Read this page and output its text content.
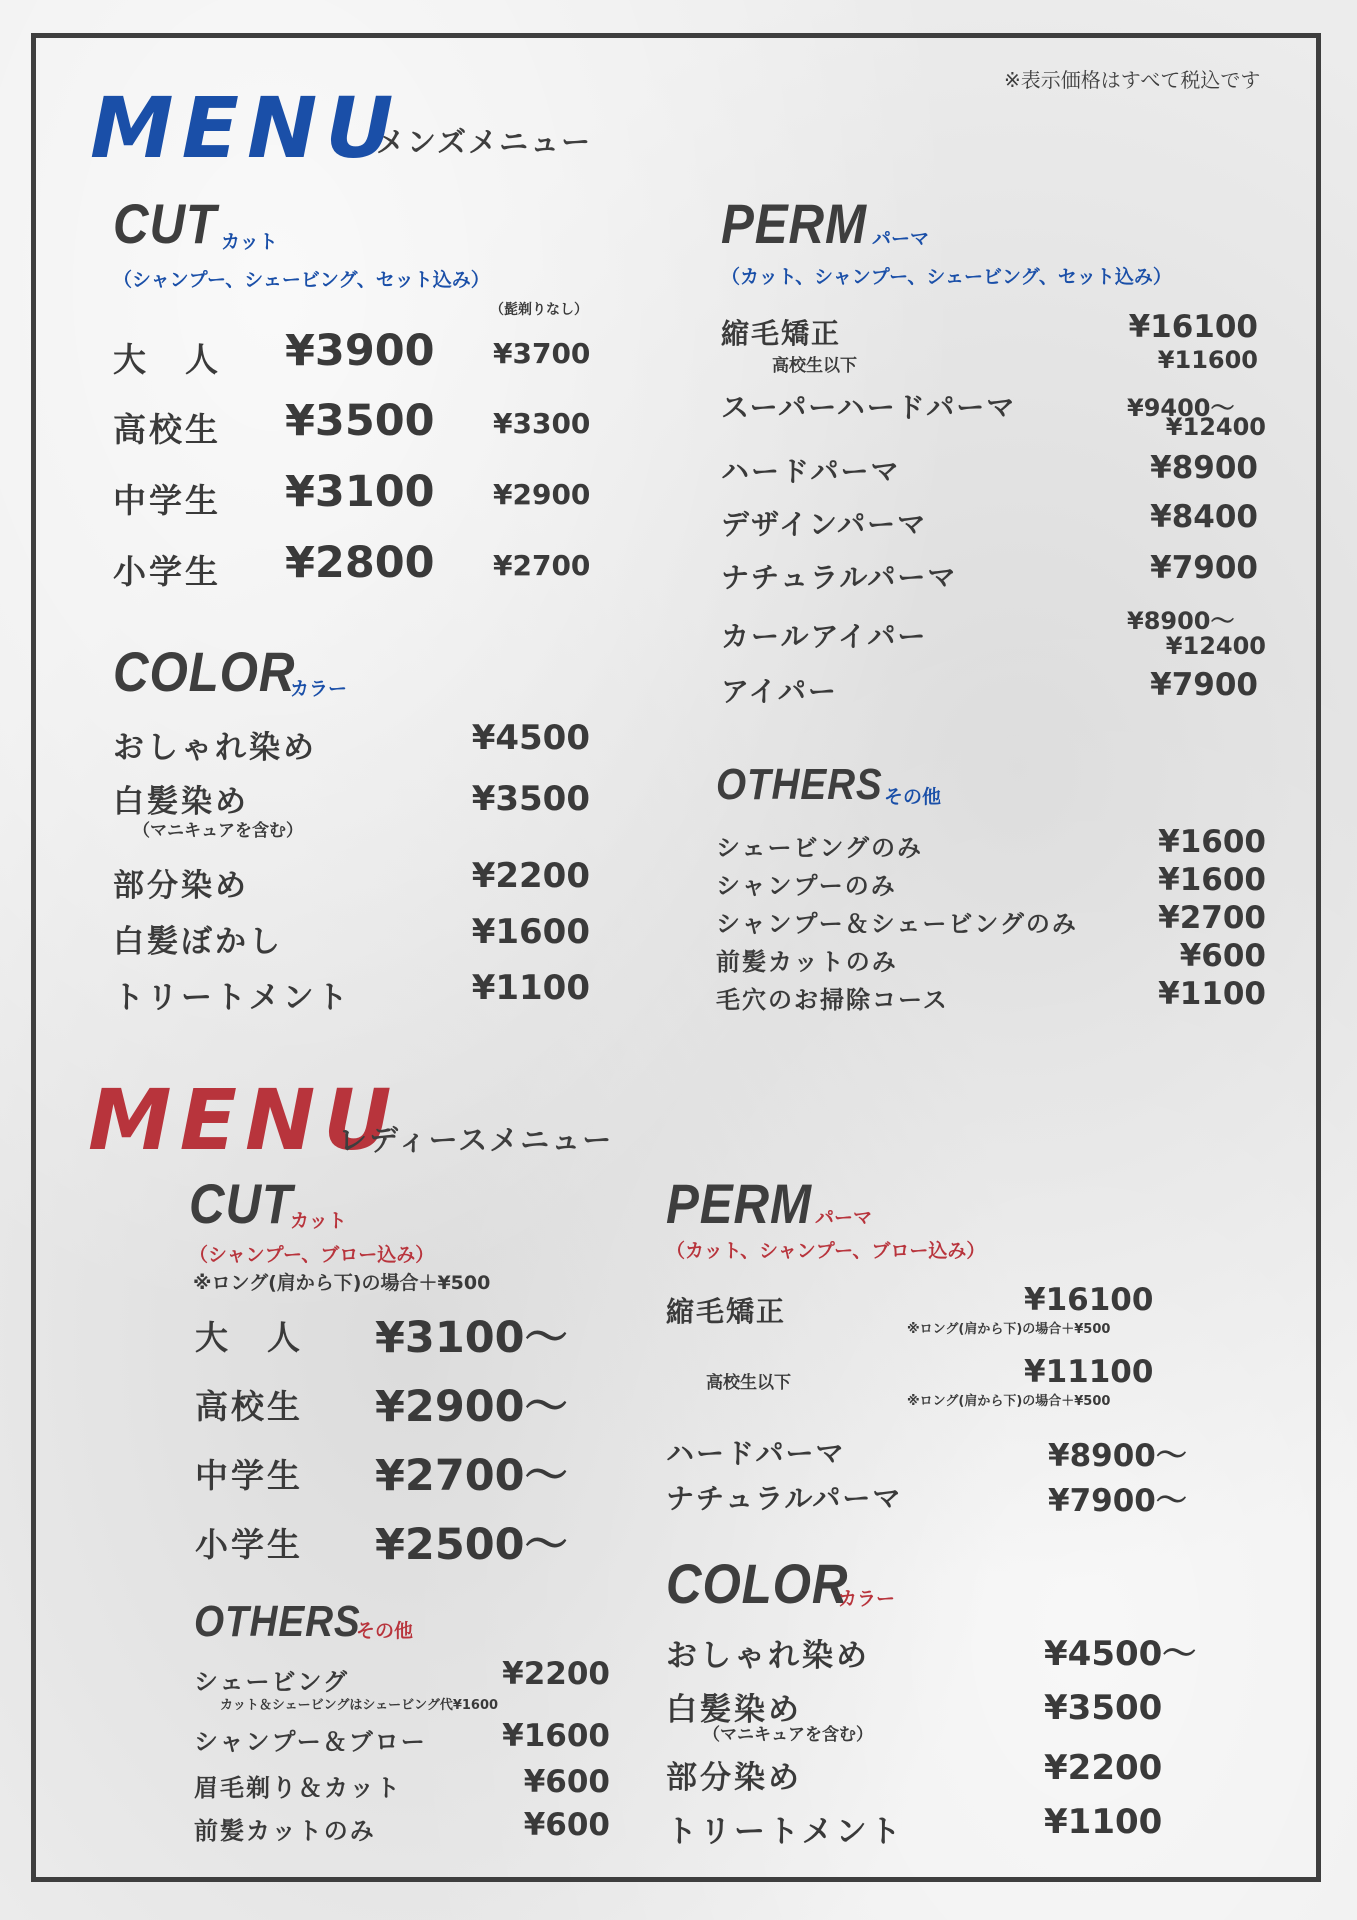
※表示価格はすべて税込です
MENU
メンズメニュー
CUT カット
（シャンプー、シェービング、セット込み）
（髭剃りなし）
大　人 ¥3900 ¥3700
高校生 ¥3500 ¥3300
中学生 ¥3100 ¥2900
小学生 ¥2800 ¥2700
COLOR
カラー
おしゃれ染め	¥4500
白髪染め
（マニキュアを含む）
¥3500
部分染め	¥2200
白髪ぼかし	¥1600
トリートメント	¥1100
PERM パーマ
（カット、シャンプー、シェービング、セット込み）
縮毛矯正	¥16100
高校生以下	¥11600
スーパーハードパーマ	¥9400～
¥12400
ハードパーマ	¥8900
デザインパーマ	¥8400
ナチュラルパーマ	¥7900
カールアイパー	¥8900～
¥12400
アイパー	¥7900
OTHERS その他
シェービングのみ	¥1600
シャンプーのみ	¥1600
シャンプー＆シェービングのみ	¥2700
前髪カットのみ	¥600
毛穴のお掃除コース	¥1100
MENU
レディースメニュー
CUT
カット
（シャンプー、ブロー込み）
※ロング(肩から下)の場合＋¥500
大　人 ¥3100～
高校生 ¥2900～
中学生 ¥2700～
小学生 ¥2500～
OTHERS
その他
シェービング	¥2200
カット＆シェービングはシェービング代¥1600
シャンプー＆ブロー	¥1600
眉毛剃り＆カット	¥600
前髪カットのみ	¥600
PERM パーマ
（カット、シャンプー、ブロー込み）
縮毛矯正	¥16100
※ロング(肩から下)の場合＋¥500
高校生以下	¥11100
※ロング(肩から下)の場合＋¥500
ハードパーマ	¥8900～
ナチュラルパーマ	¥7900～
COLOR
カラー
おしゃれ染め	¥4500～
白髪染め
（マニキュアを含む）
¥3500
部分染め	¥2200
トリートメント	¥1100
